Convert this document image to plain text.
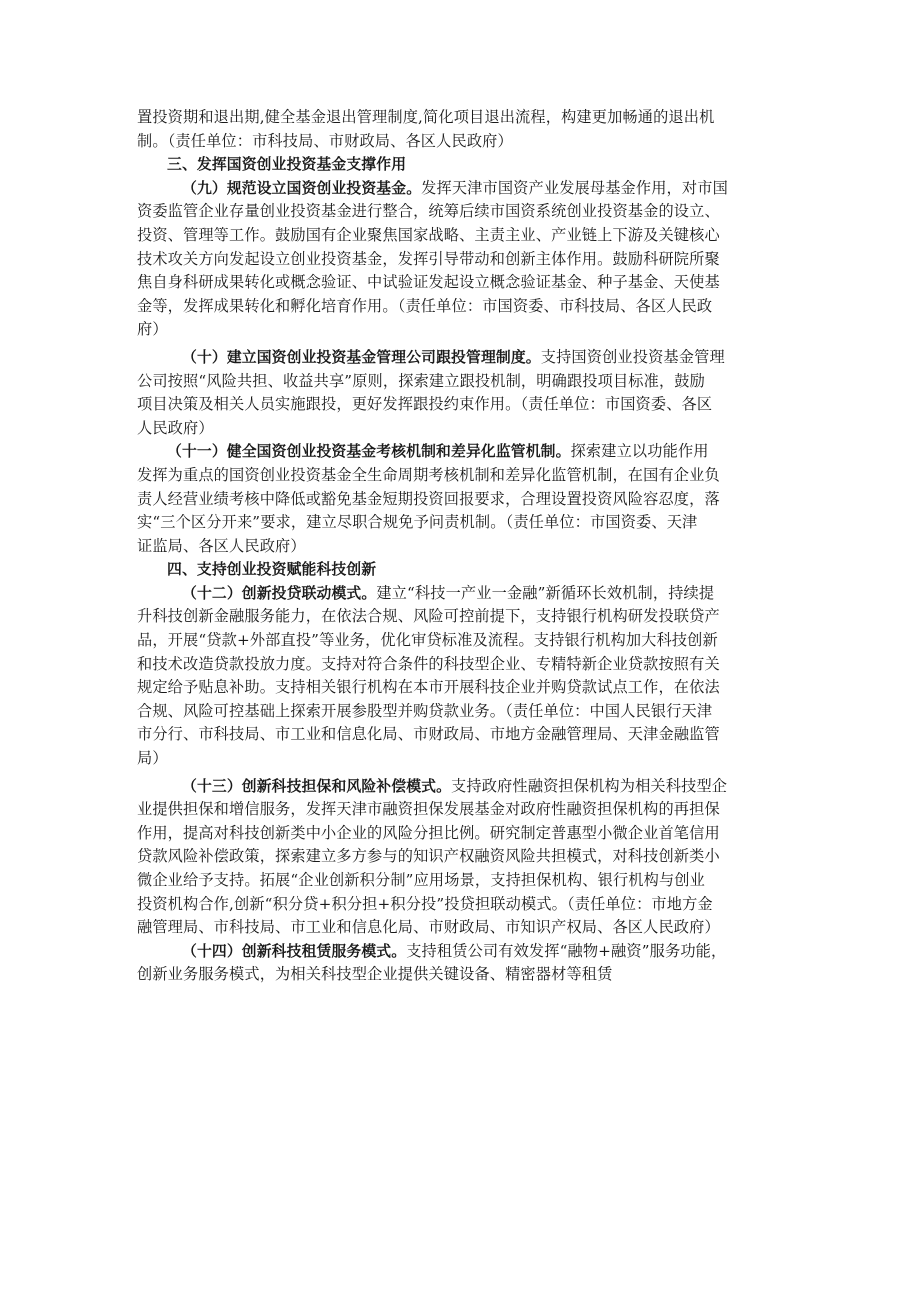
置投资期和退出期,健全基金退出管理制度,简化项目退出流程，构建更加畅通的退出机
制。（责任单位：市科技局、市财政局、各区人民政府）
三、发挥国资创业投资基金支撑作用
（九）规范设立国资创业投资基金。发挥天津市国资产业发展母基金作用，对市国
资委监管企业存量创业投资基金进行整合，统筹后续市国资系统创业投资基金的设立、
投资、管理等工作。鼓励国有企业聚焦国家战略、主责主业、产业链上下游及关键核心
技术攻关方向发起设立创业投资基金，发挥引导带动和创新主体作用。鼓励科研院所聚
焦自身科研成果转化或概念验证、中试验证发起设立概念验证基金、种子基金、天使基
金等，发挥成果转化和孵化培育作用。（责任单位：市国资委、市科技局、各区人民政
府）
（十）建立国资创业投资基金管理公司跟投管理制度。支持国资创业投资基金管理
公司按照“风险共担、收益共享”原则，探索建立跟投机制，明确跟投项目标准，鼓励
项目决策及相关人员实施跟投，更好发挥跟投约束作用。（责任单位：市国资委、各区
人民政府）
（十一）健全国资创业投资基金考核机制和差异化监管机制。探索建立以功能作用
发挥为重点的国资创业投资基金全生命周期考核机制和差异化监管机制，在国有企业负
责人经营业绩考核中降低或豁免基金短期投资回报要求，合理设置投资风险容忍度，落
实“三个区分开来”要求，建立尽职合规免予问责机制。（责任单位：市国资委、天津
证监局、各区人民政府）
四、支持创业投资赋能科技创新
（十二）创新投贷联动模式。建立“科技一产业一金融”新循环长效机制，持续提
升科技创新金融服务能力，在依法合规、风险可控前提下，支持银行机构研发投联贷产
品，开展“贷款+外部直投”等业务，优化审贷标准及流程。支持银行机构加大科技创新
和技术改造贷款投放力度。支持对符合条件的科技型企业、专精特新企业贷款按照有关
规定给予贴息补助。支持相关银行机构在本市开展科技企业并购贷款试点工作，在依法
合规、风险可控基础上探索开展参股型并购贷款业务。（责任单位：中国人民银行天津
市分行、市科技局、市工业和信息化局、市财政局、市地方金融管理局、天津金融监管
局）
（十三）创新科技担保和风险补偿模式。支持政府性融资担保机构为相关科技型企
业提供担保和增信服务，发挥天津市融资担保发展基金对政府性融资担保机构的再担保
作用，提高对科技创新类中小企业的风险分担比例。研究制定普惠型小微企业首笔信用
贷款风险补偿政策，探索建立多方参与的知识产权融资风险共担模式，对科技创新类小
微企业给予支持。拓展“企业创新积分制”应用场景，支持担保机构、银行机构与创业
投资机构合作,创新“积分贷+积分担+积分投”投贷担联动模式。（责任单位：市地方金
融管理局、市科技局、市工业和信息化局、市财政局、市知识产权局、各区人民政府）
（十四）创新科技租赁服务模式。支持租赁公司有效发挥“融物+融资”服务功能，
创新业务服务模式，为相关科技型企业提供关键设备、精密器材等租赁
